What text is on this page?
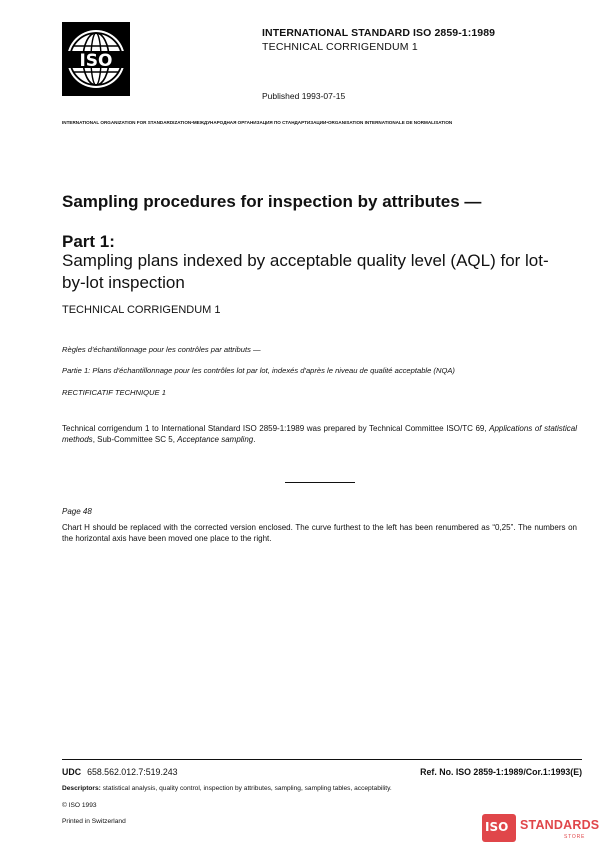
ISO
INTERNATIONAL STANDARD ISO 2859-1:1989
TECHNICAL CORRIGENDUM 1
Published 1993-07-15
INTERNATIONAL ORGANIZATION FOR STANDARDIZATION•МЕЖДУНАРОДНАЯ ОРГАНИЗАЦИЯ ПО СТАНДАРТИЗАЦИИ•ORGANISATION INTERNATIONALE DE NORMALISATION
Sampling procedures for inspection by attributes —
Part 1:
Sampling plans indexed by acceptable quality level (AQL) for lot-by-lot inspection
TECHNICAL CORRIGENDUM 1
Règles d'échantillonnage pour les contrôles par attributs —
Partie 1: Plans d'échantillonnage pour les contrôles lot par lot, indexés d'après le niveau de qualité acceptable (NQA)
RECTIFICATIF TECHNIQUE 1
Technical corrigendum 1 to International Standard ISO 2859-1:1989 was prepared by Technical Committee ISO/TC 69, Applications of statistical methods, Sub-Committee SC 5, Acceptance sampling.
Page 48
Chart H should be replaced with the corrected version enclosed. The curve furthest to the left has been renumbered as “0,25”. The numbers on the horizontal axis have been moved one place to the right.
UDC 658.562.012.7:519.243	Ref. No. ISO 2859-1:1989/Cor.1:1993(E)
Descriptors: statistical analysis, quality control, inspection by attributes, sampling, sampling tables, acceptability.
© ISO 1993
Printed in Switzerland	ISO STANDARDS
STORE
